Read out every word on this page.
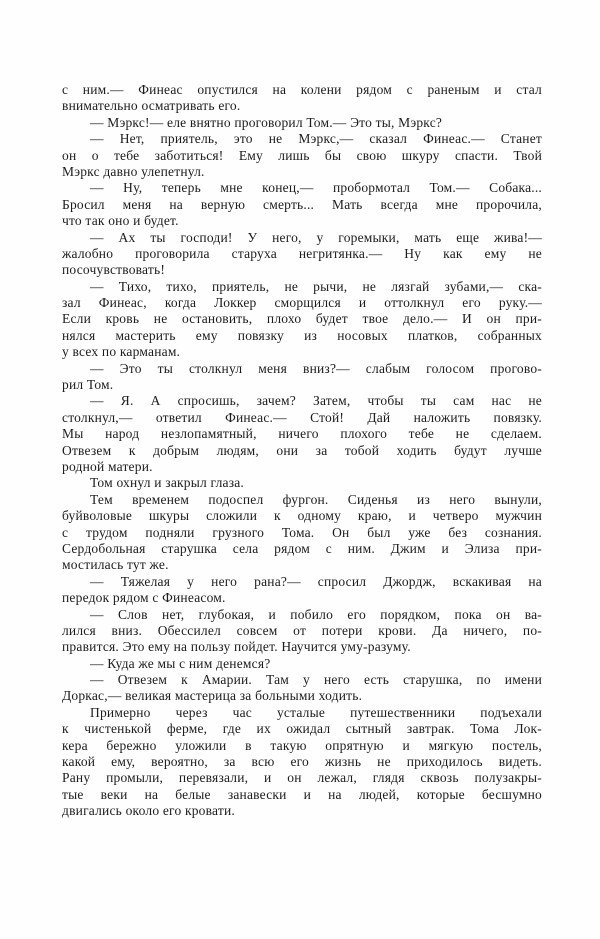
с ним.— Финеас опустился на колени рядом с раненым и стал
внимательно осматривать его.
— Мэркс!— еле внятно проговорил Том.— Это ты, Мэркс?
— Нет, приятель, это не Мэркс,— сказал Финеас.— Станет
он о тебе заботиться! Ему лишь бы свою шкуру спасти. Твой
Мэркс давно улепетнул.
— Ну, теперь мне конец,— пробормотал Том.— Собака...
Бросил меня на верную смерть... Мать всегда мне пророчила,
что так оно и будет.
— Ах ты господи! У него, у горемыки, мать еще жива!—
жалобно проговорила старуха негритянка.— Ну как ему не
посочувствовать!
— Тихо, тихо, приятель, не рычи, не лязгай зубами,— ска-
зал Финеас, когда Локкер сморщился и оттолкнул его руку.—
Если кровь не остановить, плохо будет твое дело.— И он при-
нялся мастерить ему повязку из носовых платков, собранных
у всех по карманам.
— Это ты столкнул меня вниз?— слабым голосом прогово-
рил Том.
— Я. А спросишь, зачем? Затем, чтобы ты сам нас не
столкнул,— ответил Финеас.— Стой! Дай наложить повязку.
Мы народ незлопамятный, ничего плохого тебе не сделаем.
Отвезем к добрым людям, они за тобой ходить будут лучше
родной матери.
Том охнул и закрыл глаза.
Тем временем подоспел фургон. Сиденья из него вынули,
буйволовые шкуры сложили к одному краю, и четверо мужчин
с трудом подняли грузного Тома. Он был уже без сознания.
Сердобольная старушка села рядом с ним. Джим и Элиза при-
мостилась тут же.
— Тяжелая у него рана?— спросил Джордж, вскакивая на
передок рядом с Финеасом.
— Слов нет, глубокая, и побило его порядком, пока он ва-
лился вниз. Обессилел совсем от потери крови. Да ничего, по-
правится. Это ему на пользу пойдет. Научится уму-разуму.
— Куда же мы с ним денемся?
— Отвезем к Амарии. Там у него есть старушка, по имени
Доркас,— великая мастерица за больными ходить.
Примерно через час усталые путешественники подъехали
к чистенькой ферме, где их ожидал сытный завтрак. Тома Лок-
кера бережно уложили в такую опрятную и мягкую постель,
какой ему, вероятно, за всю его жизнь не приходилось видеть.
Рану промыли, перевязали, и он лежал, глядя сквозь полузакры-
тые веки на белые занавески и на людей, которые бесшумно
двигались около его кровати.
